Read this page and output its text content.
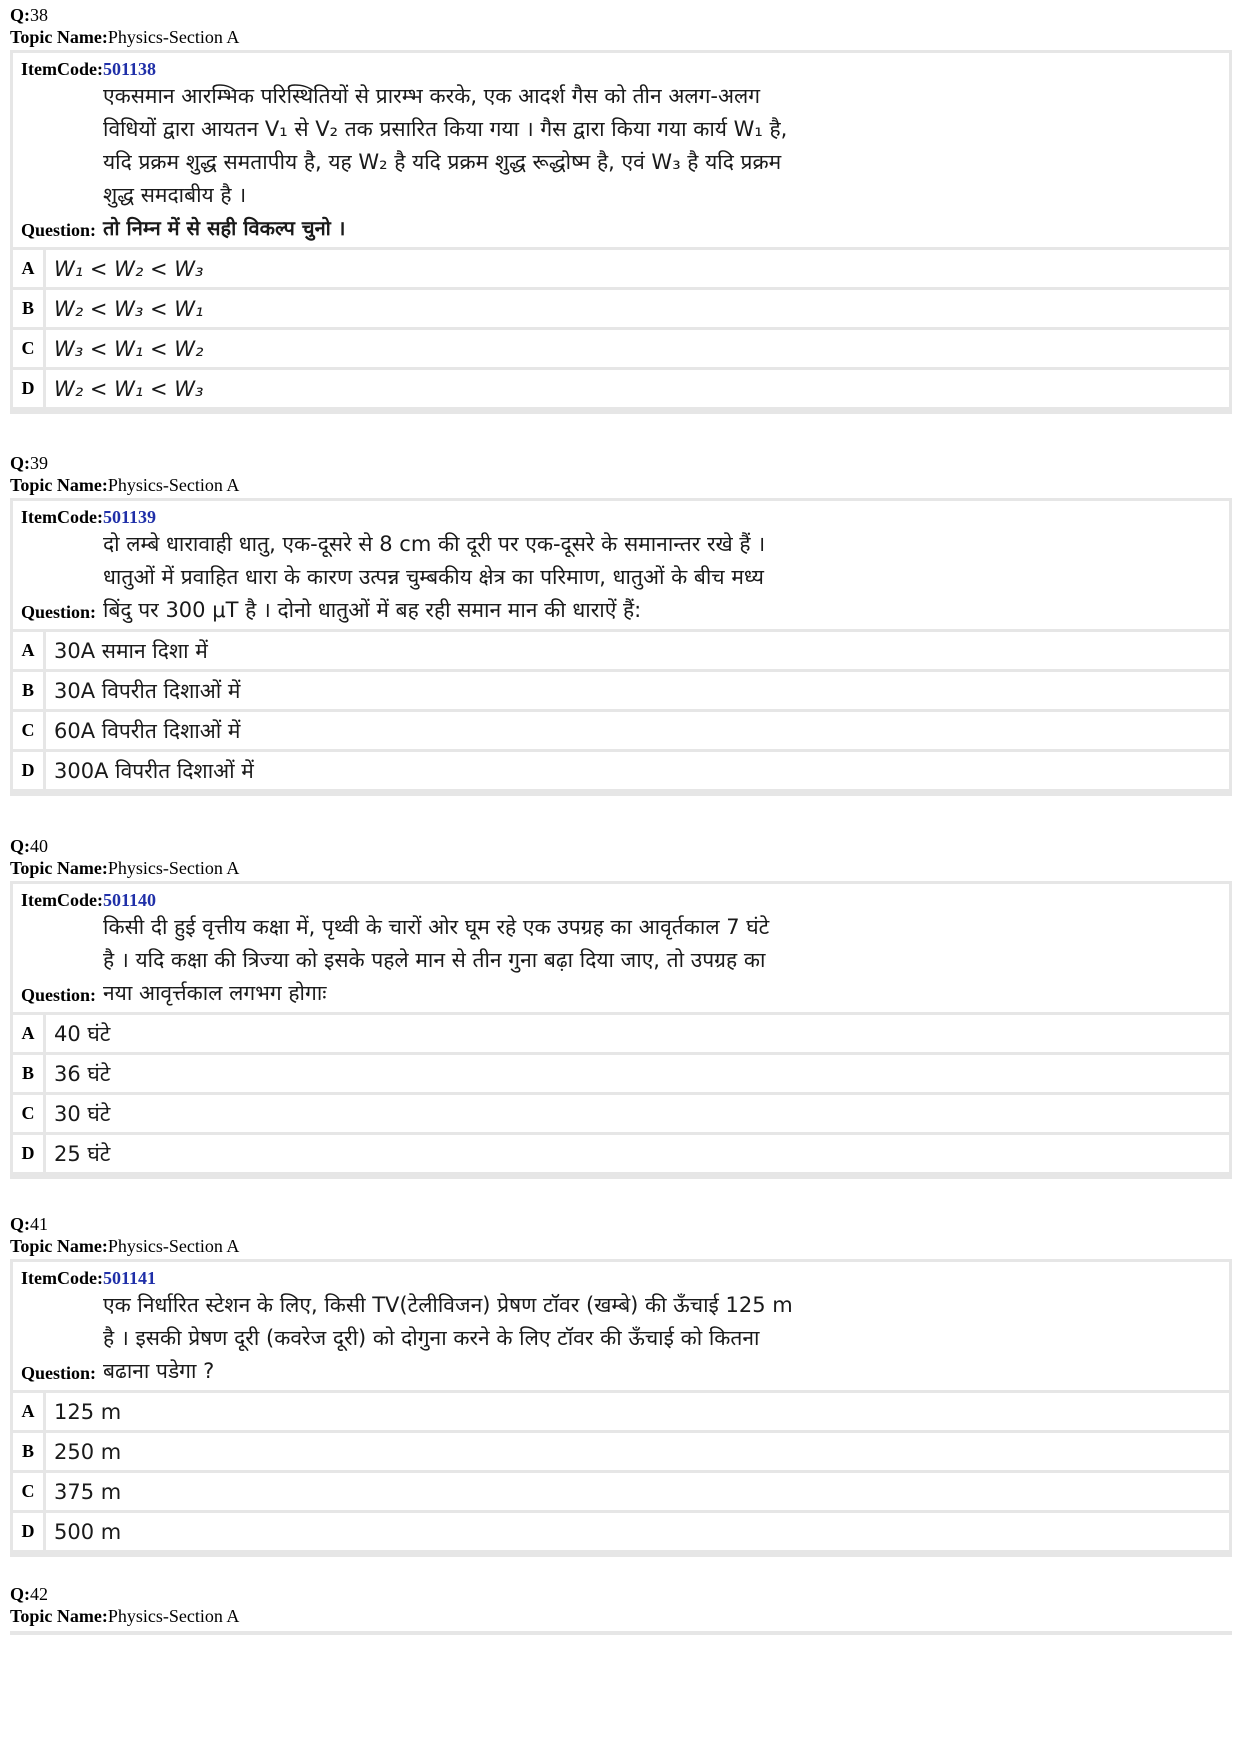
Q:38
Topic Name:Physics-Section A
ItemCode:501138
Question:
एकसमान आरम्भिक परिस्थितियों से प्रारम्भ करके, एक आदर्श गैस को तीन अलग-अलग
विधियों द्वारा आयतन V₁ से V₂ तक प्रसारित किया गया । गैस द्वारा किया गया कार्य W₁ है,
यदि प्रक्रम शुद्ध समतापीय है, यह W₂ है यदि प्रक्रम शुद्ध रूद्धोष्म है, एवं W₃ है यदि प्रक्रम
शुद्ध समदाबीय है ।
तो निम्न में से सही विकल्प चुनो ।
A W₁ < W₂ < W₃
B W₂ < W₃ < W₁
C W₃ < W₁ < W₂
D W₂ < W₁ < W₃
Q:39
Topic Name:Physics-Section A
ItemCode:501139
Question:
दो लम्बे धारावाही धातु, एक-दूसरे से 8 cm की दूरी पर एक-दूसरे के समानान्तर रखे हैं ।
धातुओं में प्रवाहित धारा के कारण उत्पन्न चुम्बकीय क्षेत्र का परिमाण, धातुओं के बीच मध्य
बिंदु पर 300 μT है । दोनो धातुओं में बह रही समान मान की धाराऐं हैं:
A 30A समान दिशा में
B 30A विपरीत दिशाओं में
C 60A विपरीत दिशाओं में
D 300A विपरीत दिशाओं में
Q:40
Topic Name:Physics-Section A
ItemCode:501140
Question:
किसी दी हुई वृत्तीय कक्षा में, पृथ्वी के चारों ओर घूम रहे एक उपग्रह का आवृर्तकाल 7 घंटे
है । यदि कक्षा की त्रिज्या को इसके पहले मान से तीन गुना बढ़ा दिया जाए, तो उपग्रह का
नया आवृर्त्तकाल लगभग होगाः
A 40 घंटे
B 36 घंटे
C 30 घंटे
D 25 घंटे
Q:41
Topic Name:Physics-Section A
ItemCode:501141
Question:
एक निर्धारित स्टेशन के लिए, किसी TV(टेलीविजन) प्रेषण टॉवर (खम्बे) की ऊँचाई 125 m
है । इसकी प्रेषण दूरी (कवरेज दूरी) को दोगुना करने के लिए टॉवर की ऊँचाई को कितना
बढाना पडेगा ?
A 125 m
B 250 m
C 375 m
D 500 m
Q:42
Topic Name:Physics-Section A
